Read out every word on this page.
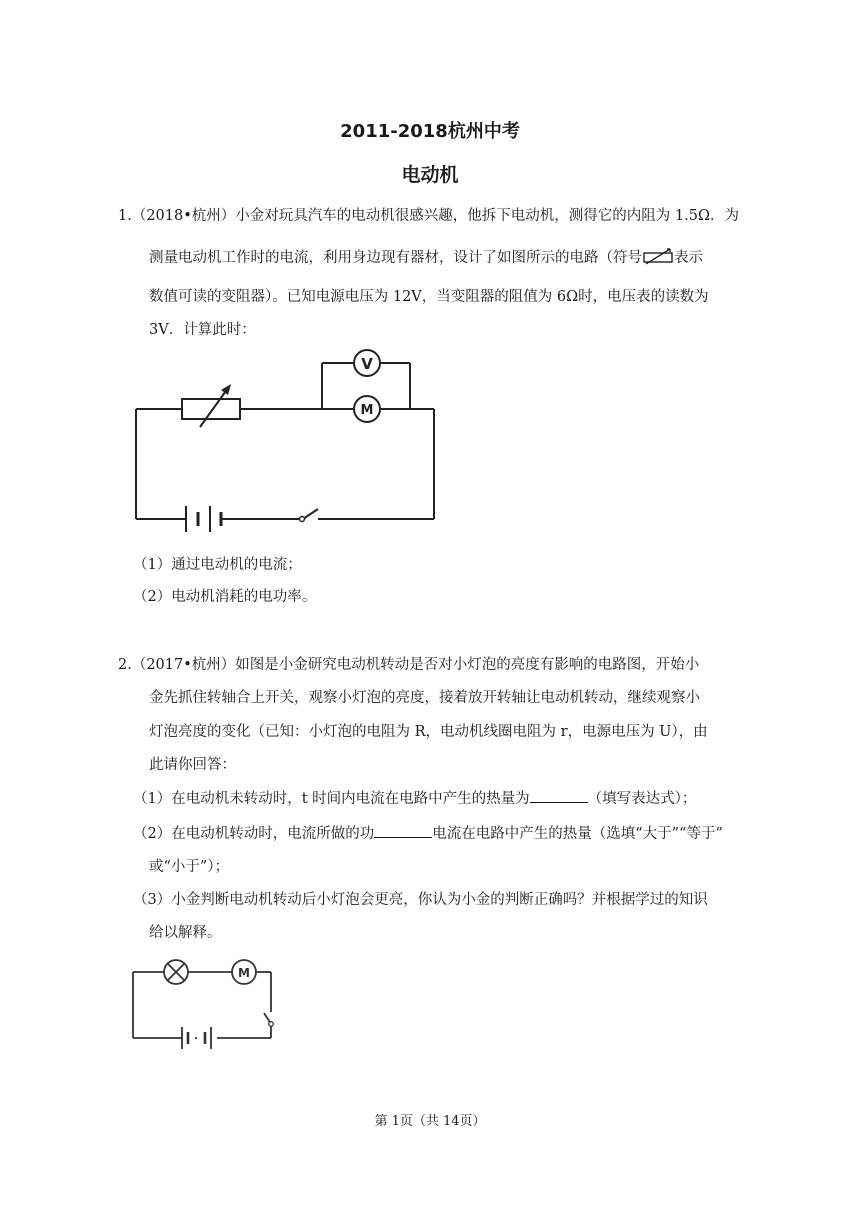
2011-2018杭州中考
电动机
1.（2018•杭州）小金对玩具汽车的电动机很感兴趣，他拆下电动机，测得它的内阻为 1.5Ω．为
测量电动机工作时的电流，利用身边现有器材，设计了如图所示的电路（符号 表示
数值可读的变阻器）。已知电源电压为 12V，当变阻器的阻值为 6Ω时，电压表的读数为
3V．计算此时：
V
M
（1）通过电动机的电流；
（2）电动机消耗的电功率。
2.（2017•杭州）如图是小金研究电动机转动是否对小灯泡的亮度有影响的电路图，开始小
金先抓住转轴合上开关，观察小灯泡的亮度，接着放开转轴让电动机转动，继续观察小
灯泡亮度的变化（已知：小灯泡的电阻为 R，电动机线圈电阻为 r，电源电压为 U），由
此请你回答：
（1）在电动机未转动时，t 时间内电流在电路中产生的热量为	（填写表达式）；
（2）在电动机转动时，电流所做的功	电流在电路中产生的热量（选填“大于”“等于”
或“小于”）；
（3）小金判断电动机转动后小灯泡会更亮，你认为小金的判断正确吗？并根据学过的知识
给以解释。
M
第 1页（共 14页）
